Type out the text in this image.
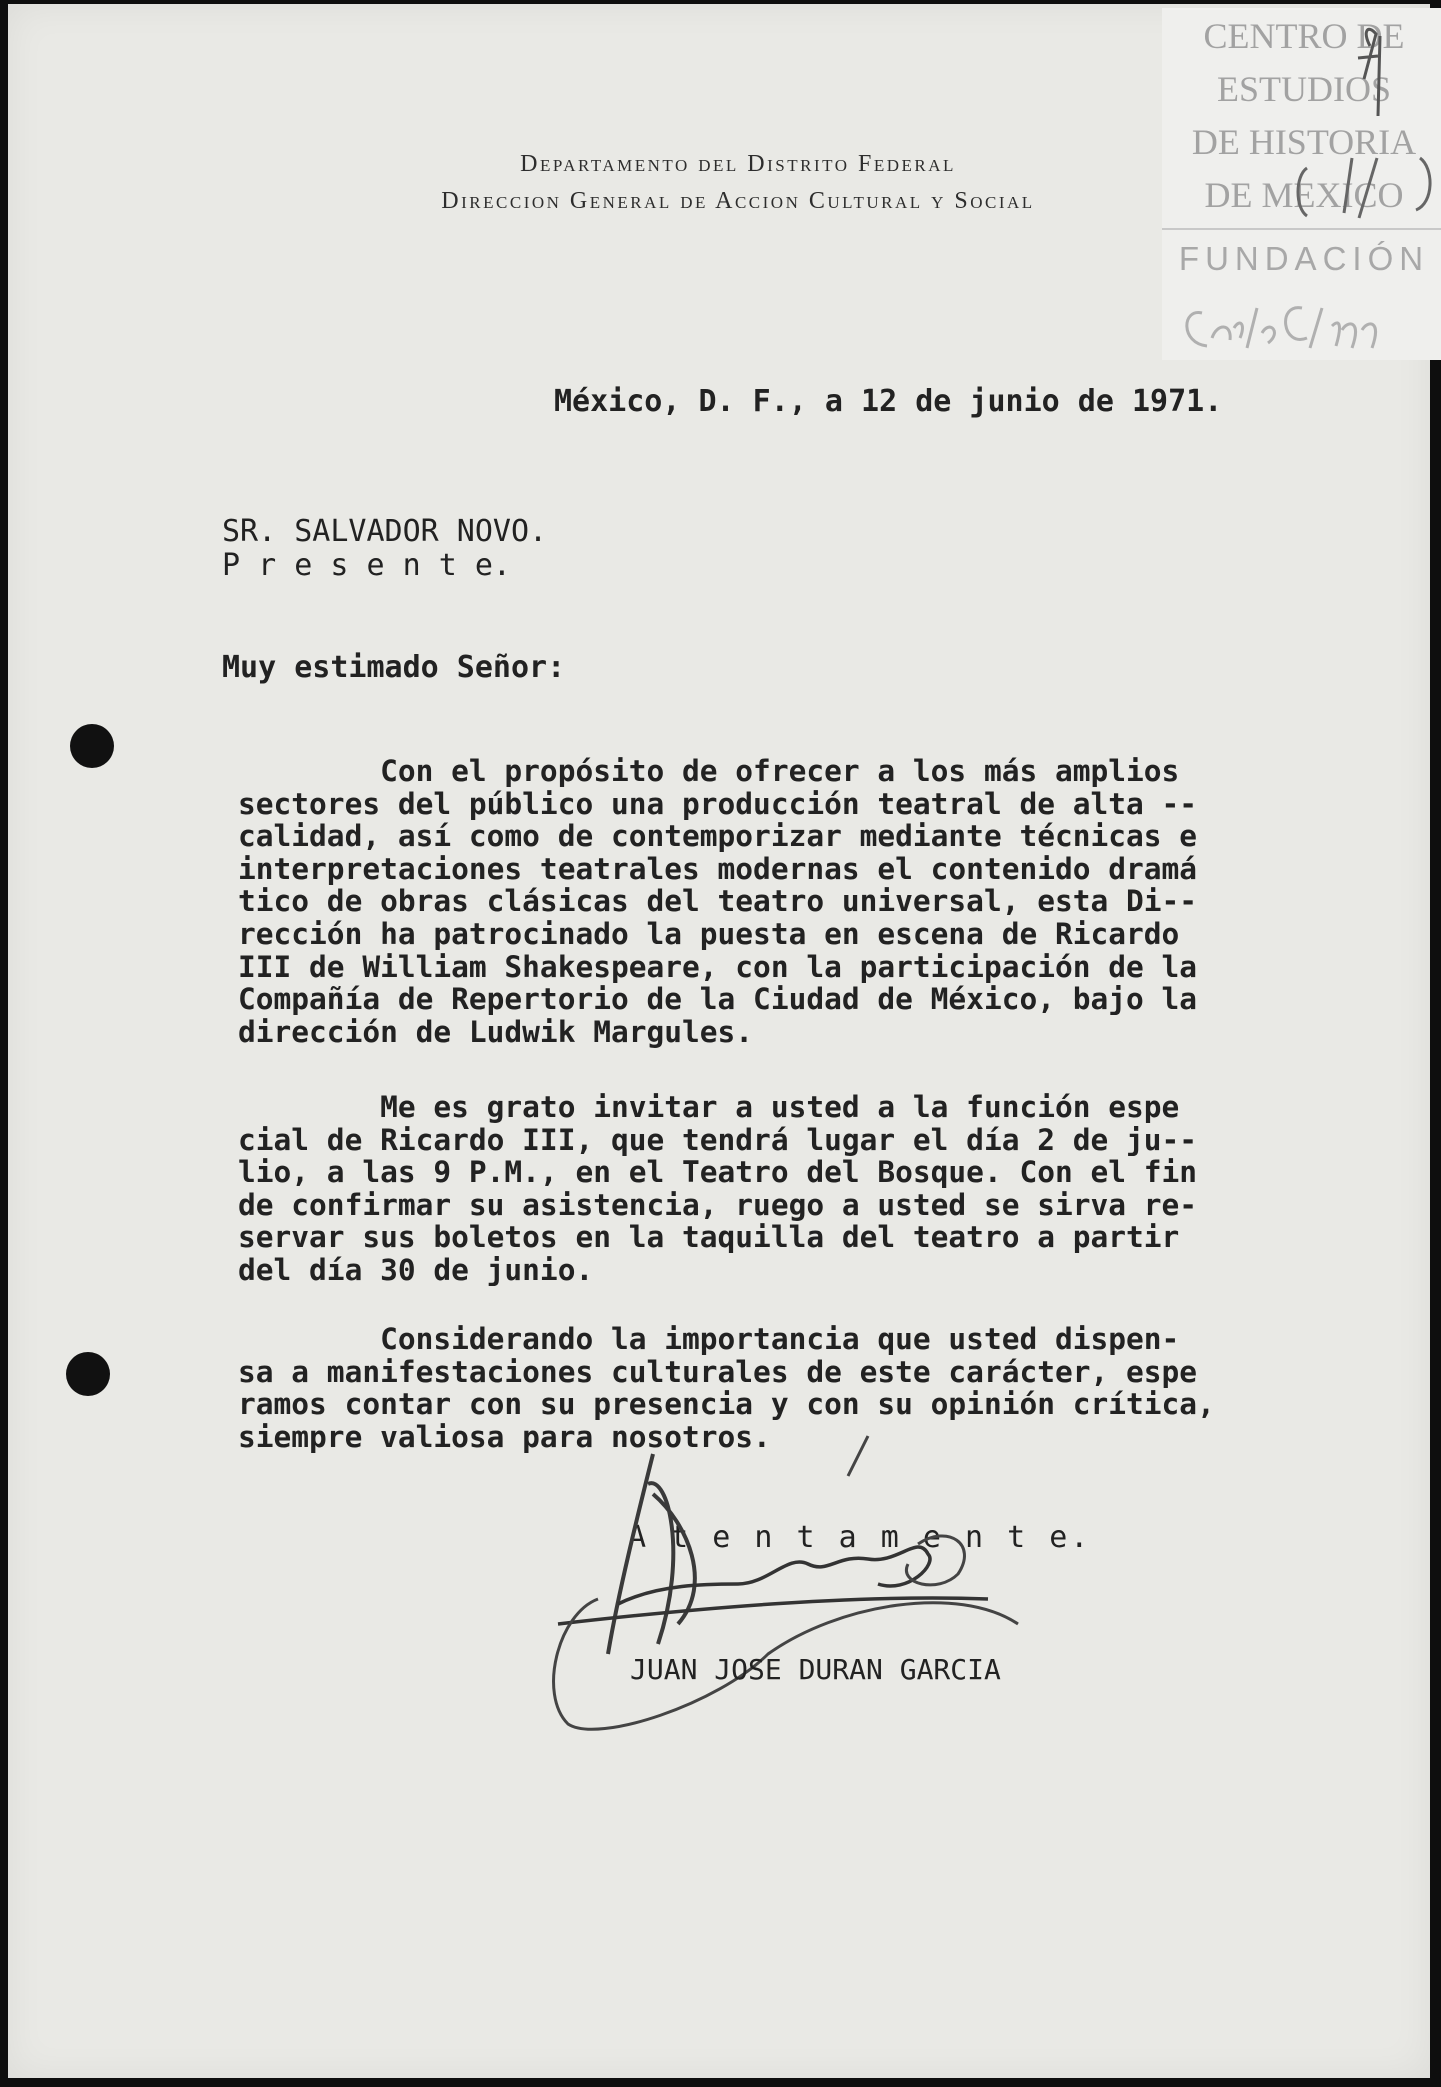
Departamento del Distrito Federal
Direccion General de Accion Cultural y Social
CENTRO DE
ESTUDIOS
DE HISTORIA
DE MEXICO
FUNDACIÓN
México, D. F., a 12 de junio de 1971.
SR. SALVADOR NOVO.
P r e s e n t e.
Muy estimado Señor:
Con el propósito de ofrecer a los más amplios
sectores del público una producción teatral de alta --
calidad, así como de contemporizar mediante técnicas e
interpretaciones teatrales modernas el contenido dramá
tico de obras clásicas del teatro universal, esta Di--
rección ha patrocinado la puesta en escena de Ricardo
III de William Shakespeare, con la participación de la
Compañía de Repertorio de la Ciudad de México, bajo la
dirección de Ludwik Margules.
Me es grato invitar a usted a la función espe
cial de Ricardo III, que tendrá lugar el día 2 de ju--
lio, a las 9 P.M., en el Teatro del Bosque. Con el fin
de confirmar su asistencia, ruego a usted se sirva re-
servar sus boletos en la taquilla del teatro a partir
del día 30 de junio.
Considerando la importancia que usted dispen-
sa a manifestaciones culturales de este carácter, espe
ramos contar con su presencia y con su opinión crítica,
siempre valiosa para nosotros.
A t e n t a m e n t e.
JUAN JOSE DURAN GARCIA
